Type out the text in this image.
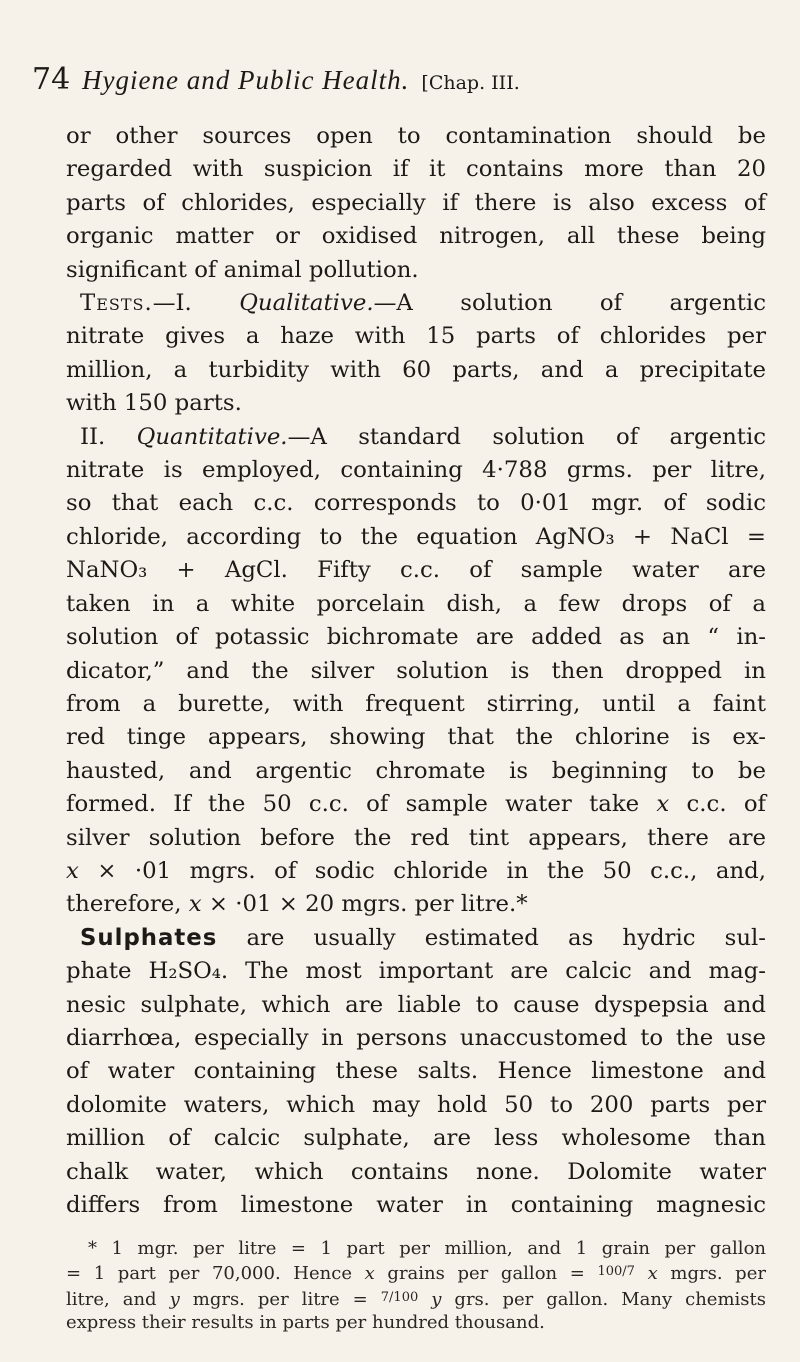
74 Hygiene and Public Health. [Chap. III.

or other sources open to contamination should be

regarded with suspicion if it contains more than 20

parts of chlorides, especially if there is also excess of

organic matter or oxidised nitrogen, all these being

significant of animal pollution.

Tests.—I. Qualitative.—A solution of argentic

nitrate gives a haze with 15 parts of chlorides per

million, a turbidity with 60 parts, and a precipitate

with 150 parts.

II. Quantitative.—A standard solution of argentic

nitrate is employed, containing 4·788 grms. per litre,

so that each c.c. corresponds to 0·01 mgr. of sodic

chloride, according to the equation AgNO₃ + NaCl =

NaNO₃ + AgCl. Fifty c.c. of sample water are

taken in a white porcelain dish, a few drops of a

solution of potassic bichromate are added as an “ in-

dicator,” and the silver solution is then dropped in

from a burette, with frequent stirring, until a faint

red tinge appears, showing that the chlorine is ex-

hausted, and argentic chromate is beginning to be

formed. If the 50 c.c. of sample water take x c.c. of

silver solution before the red tint appears, there are

x × ·01 mgrs. of sodic chloride in the 50 c.c., and,

therefore, x × ·01 × 20 mgrs. per litre.*

Sulphates are usually estimated as hydric sul-

phate H₂SO₄. The most important are calcic and mag-

nesic sulphate, which are liable to cause dyspepsia and

diarrhœa, especially in persons unaccustomed to the use

of water containing these salts. Hence limestone and

dolomite waters, which may hold 50 to 200 parts per

million of calcic sulphate, are less wholesome than

chalk water, which contains none. Dolomite water

differs from limestone water in containing magnesic

* 1 mgr. per litre = 1 part per million, and 1 grain per gallon

= 1 part per 70,000. Hence x grains per gallon = $^{100/7}$ x mgrs. per

litre, and y mgrs. per litre = $^{7/100}$ y grs. per gallon. Many chemists

express their results in parts per hundred thousand.
